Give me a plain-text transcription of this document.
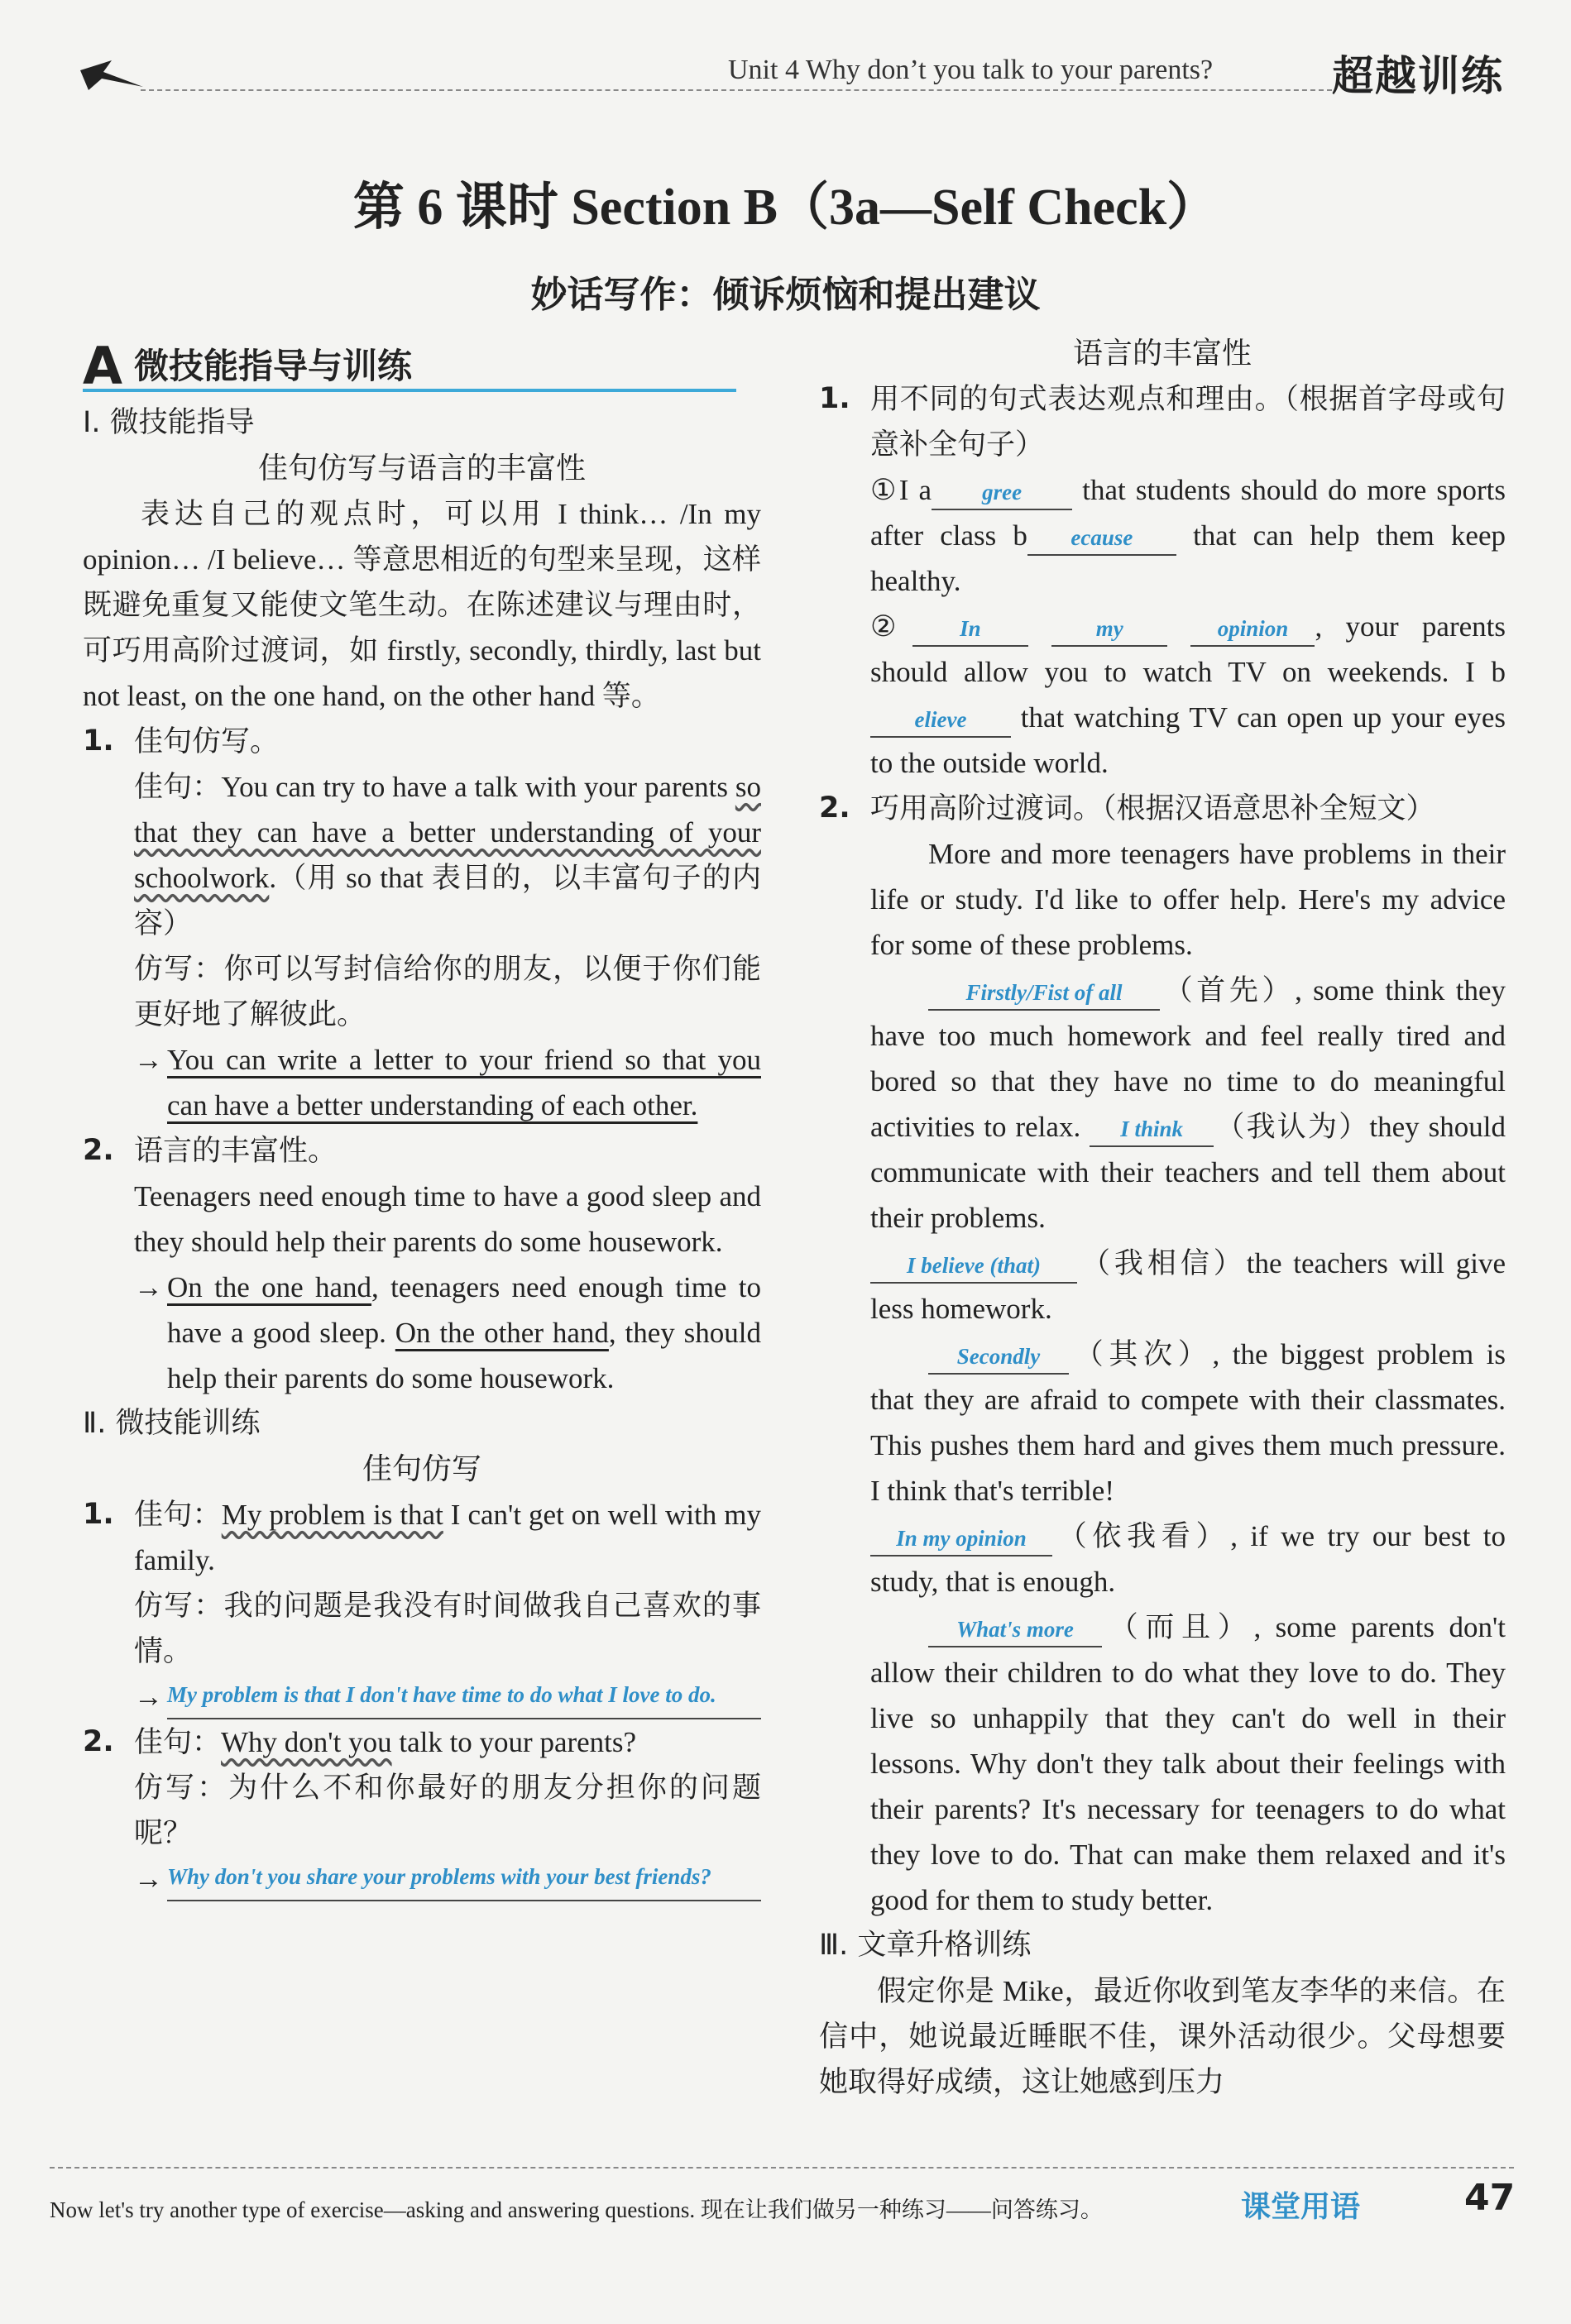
Unit 4 Why don’t you talk to your parents?	超越训练
第 6 课时 Section B（3a—Self Check）
妙话写作：倾诉烦恼和提出建议
A 微技能指导与训练
Ⅰ. 微技能指导
佳句仿写与语言的丰富性
表达自己的观点时，可以用 I think… /In my opinion… /I believe… 等意思相近的句型来呈现，这样既避免重复又能使文笔生动。在陈述建议与理由时，可巧用高阶过渡词，如 firstly, secondly, thirdly, last but not least, on the one hand, on the other hand 等。
1. 佳句仿写。
佳句：You can try to have a talk with your parents so that they can have a better understanding of your schoolwork.（用 so that 表目的，以丰富句子的内容）
仿写：你可以写封信给你的朋友，以便于你们能更好地了解彼此。
→ You can write a letter to your friend so that you can have a better understanding of each other.
2. 语言的丰富性。
Teenagers need enough time to have a good sleep and they should help their parents do some housework.
→ On the one hand, teenagers need enough time to have a good sleep. On the other hand, they should help their parents do some housework.
Ⅱ. 微技能训练
佳句仿写
1. 佳句：My problem is that I can't get on well with my family.
仿写：我的问题是我没有时间做我自己喜欢的事情。
→ My problem is that I don't have time to do what I love to do.
2. 佳句：Why don't you talk to your parents?
仿写：为什么不和你最好的朋友分担你的问题呢？
→ Why don't you share your problems with your best friends?
语言的丰富性
1. 用不同的句式表达观点和理由。（根据首字母或句意补全句子）
①I a gree that students should do more sports after class b ecause that can help them keep healthy.
② In	my	opinion , your parents should allow you to watch TV on weekends. I believe that watching TV can open up your eyes to the outside world.
2. 巧用高阶过渡词。（根据汉语意思补全短文）
More and more teenagers have problems in their life or study. I'd like to offer help. Here's my advice for some of these problems.
Firstly/Fist of all （首先）, some think they have too much homework and feel really tired and bored so that they have no time to do meaningful activities to relax. I think （我认为）they should communicate with their teachers and tell them about their problems.
I believe (that) （我相信）the teachers will give less homework.
Secondly （其次）, the biggest problem is that they are afraid to compete with their classmates. This pushes them hard and gives them much pressure. I think that's terrible!
In my opinion （依我看）, if we try our best to study, that is enough.
What's more （而且）, some parents don't allow their children to do what they love to do. They live so unhappily that they can't do well in their lessons. Why don't they talk about their feelings with their parents? It's necessary for teenagers to do what they love to do. That can make them relaxed and it's good for them to study better.
Ⅲ. 文章升格训练
假定你是 Mike，最近你收到笔友李华的来信。在信中，她说最近睡眠不佳，课外活动很少。父母想要她取得好成绩，这让她感到压力
Now let's try another type of exercise—asking and answering questions. 现在让我们做另一种练习——问答练习。	课堂用语	47
